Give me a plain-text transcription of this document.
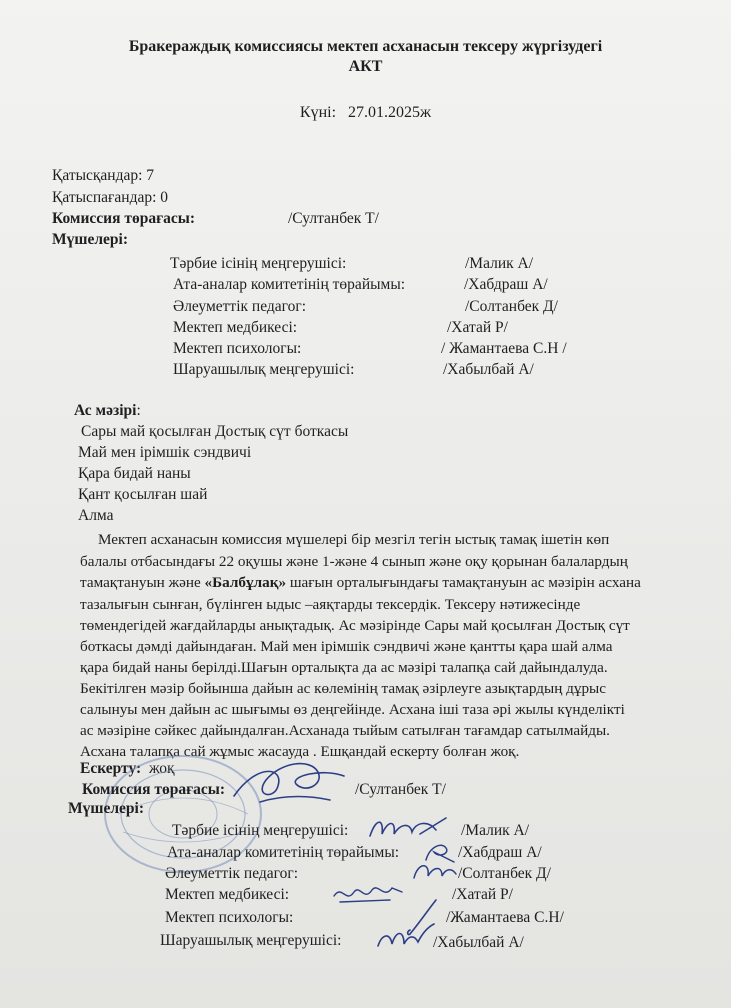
Бракераждық комиссиясы мектеп асханасын тексеру жүргізудегі
АКТ
Күні: 27.01.2025ж
Қатысқандар: 7
Қатыспағандар: 0
Комиссия төрағасы:	/Султанбек Т/
Мүшелері:
Тәрбие ісінің меңгерушісі:	/Малик А/
Ата-аналар комитетінің төрайымы:	/Хабдраш А/
Әлеуметтік педагог:	/Солтанбек Д/
Мектеп медбикесі:	/Хатай Р/
Мектеп психологы:	/ Жамантаева С.Н /
Шаруашылық меңгерушісі:	/Хабылбай А/
Ас мәзірі:
Сары май қосылған Достық сүт боткасы
Май мен ірімшік сэндвичі
Қара бидай наны
Қант қосылған шай
Алма
Мектеп асханасын комиссия мүшелері бір мезгіл тегін ыстық тамақ ішетін көп
балалы отбасындағы 22 оқушы және 1-және 4 сынып және оқу қорынан балалардың
тамақтануын және «Балбұлақ» шағын орталығындағы тамақтануын ас мәзірін асхана
тазалығын сынған, бүлінген ыдыс –аяқтарды тексердік. Тексеру нәтижесінде
төмендегідей жағдайларды анықтадық. Ас мәзірінде Сары май қосылған Достық сүт
боткасы дәмді дайындаған. Май мен ірімшік сэндвичі және қантты қара шай алма
қара бидай наны берілді.Шағын орталықта да ас мәзірі талапқа сай дайындалуда.
Бекітілген мәзір бойынша дайын ас көлемінің тамақ әзірлеуге азықтардың дұрыс
салынуы мен дайын ас шығымы өз деңгейінде. Асхана іші таза әрі жылы күнделікті
ас мәзіріне сәйкес дайындалған.Асханада тыйым сатылған тағамдар сатылмайды.
Асхана талапқа сай жұмыс жасауда . Ешқандай ескерту болған жоқ.
Ескерту: жоқ
Комиссия төрағасы:	/Султанбек Т/
Мүшелері:
Тәрбие ісінің меңгерушісі:	/Малик А/
Ата-аналар комитетінің төрайымы:	/Хабдраш А/
Әлеуметтік педагог:	/Солтанбек Д/
Мектеп медбикесі:	/Хатай Р/
Мектеп психологы:	/Жамантаева С.Н/
Шаруашылық меңгерушісі:	/Хабылбай А/
